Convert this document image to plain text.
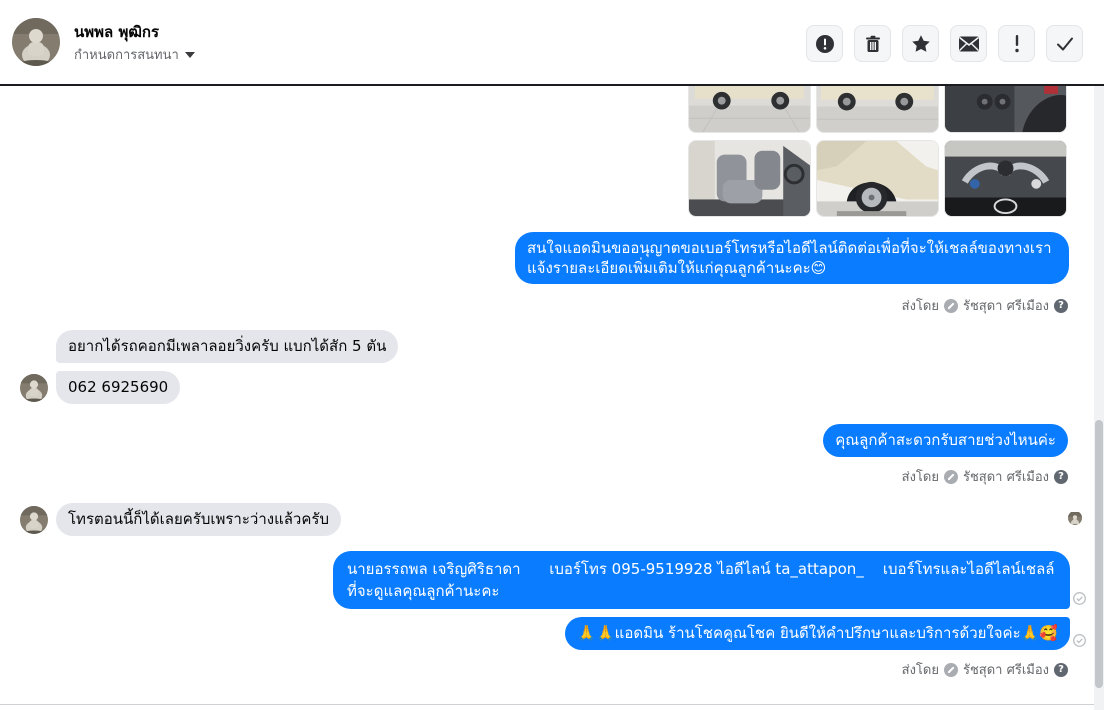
นพพล พุฒิกร
กำหนดการสนทนา
สนใจแอดมินขออนุญาตขอเบอร์โทรหรือไอดีไลน์ติดต่อเพื่อที่จะให้เชลล์ของทางเราแจ้งรายละเอียดเพิ่มเติมให้แก่คุณลูกค้านะคะ😊
ส่งโดย รัชสุดา ศรีเมือง ?
อยากได้รถคอกมีเพลาลอยวิ่งครับ แบกได้สัก 5 ตัน
062 6925690
คุณลูกค้าสะดวกรับสายช่วงไหนค่ะ
ส่งโดย รัชสุดา ศรีเมือง ?
โทรตอนนี้ก็ได้เลยครับเพราะว่างแล้วครับ
นายอรรถพล เจริญศิริธาดา      เบอร์โทร 095-9519928 ไอดีไลน์ ta_attapon_    เบอร์โทรและไอดีไลน์เชลล์ที่จะดูแลคุณลูกค้านะคะ
🙏🙏แอดมิน ร้านโชคคูณโชค ยินดีให้คำปรึกษาและบริการด้วยใจค่ะ🙏🥰
ส่งโดย รัชสุดา ศรีเมือง ?
